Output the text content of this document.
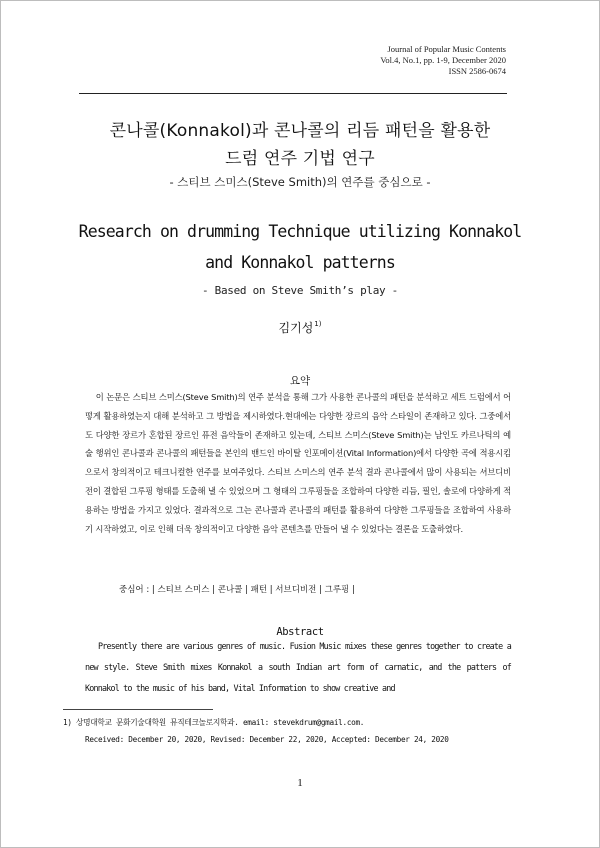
Journal of Popular Music Contents
Vol.4, No.1, pp. 1-9, December 2020
ISSN 2586-0674
콘나콜(Konnakol)과 콘나콜의 리듬 패턴을 활용한
드럼 연주 기법 연구
- 스티브 스미스(Steve Smith)의 연주를 중심으로 -
Research on drumming Technique utilizing Konnakol
and Konnakol patterns
- Based on Steve Smith’s play -
김기성$^{1)}$
요약

이 논문은 스티브 스미스(Steve Smith)의 연주 분석을 통해 그가 사용한 콘나콜의 패턴을 분석하고 세트 드럼에서 어떻게 활용하였는지 대해 분석하고 그 방법을 제시하였다.현대에는 다양한 장르의 음악 스타일이 존재하고 있다. 그중에서도 다양한 장르가 혼합된 장르인 퓨전 음악들이 존재하고 있는데, 스티브 스미스(Steve Smith)는 남인도 카르나틱의 예술 행위인 콘나콜과 콘나콜의 패턴들을 본인의 밴드인 바이탈 인포메이션(Vital Information)에서 다양한 곡에 적용시킴으로서 창의적이고 테크니컬한 연주를 보여주었다. 스티브 스미스의 연주 분석 결과 콘나콜에서 많이 사용되는 셔브디비전이 결합된 그루핑 형태를 도출해 낼 수 있었으며 그 형태의 그루핑들을 조합하여 다양한 리듬, 필인, 솔로에 다양하게 적용하는 방법을 가지고 있었다. 결과적으로 그는 콘나콜과 콘나콜의 패턴를 활용하여 다양한 그루핑들을 조합하여 사용하기 시작하였고, 이로 인해 더욱 창의적이고 다양한 음악 콘텐츠를 만들어 낼 수 있었다는 결론을 도출하였다.

중심어 : | 스티브 스미스 | 콘나콜 | 패턴 | 서브디비전 | 그루핑 |
Abstract

Presently there are various genres of music. Fusion Music mixes these genres together to create a new style. Steve Smith mixes Konnakol a south Indian art form of carnatic, and the patters of Konnakol to the music of his band, Vital Information to show creative and

1) 상명대학교 문화기술대학원 뮤직테크놀로지학과. email: stevekdrum@gmail.com.
Received: December 20, 2020, Revised: December 22, 2020, Accepted: December 24, 2020
1
